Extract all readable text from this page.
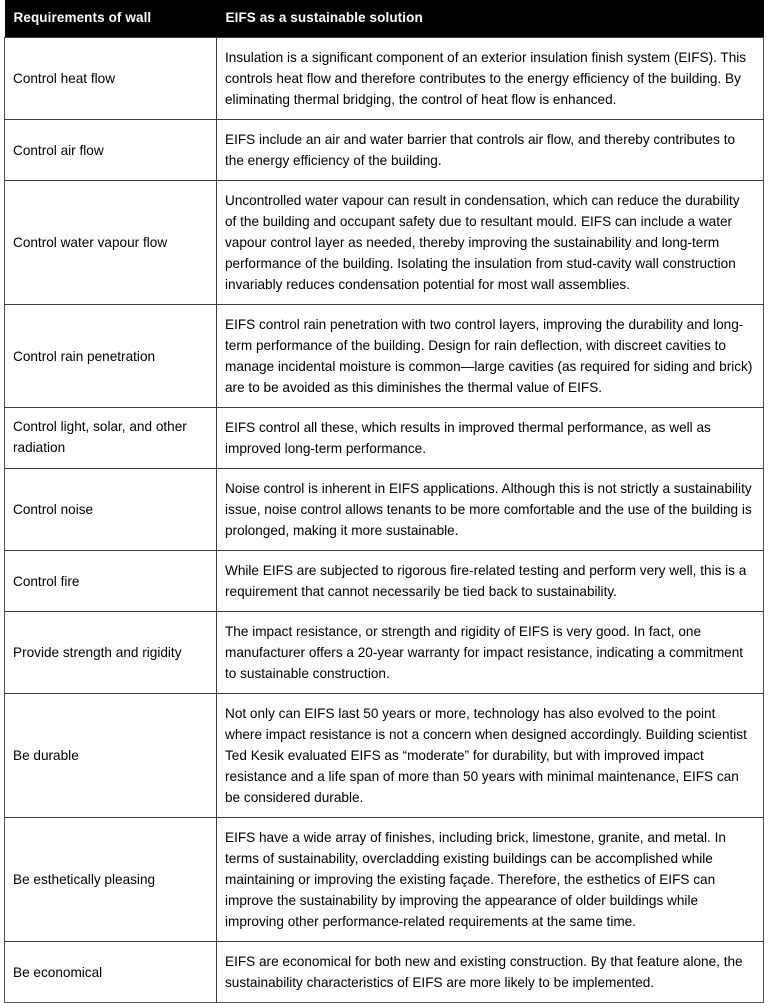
Requirements of wall	EIFS as a sustainable solution
Control heat flow	Insulation is a significant component of an exterior insulation finish system (EIFS). This controls heat flow and therefore contributes to the energy efficiency of the building. By eliminating thermal bridging, the control of heat flow is enhanced.
Control air flow	EIFS include an air and water barrier that controls air flow, and thereby contributes to the energy efficiency of the building.
Control water vapour flow	Uncontrolled water vapour can result in condensation, which can reduce the durability of the building and occupant safety due to resultant mould. EIFS can include a water vapour control layer as needed, thereby improving the sustainability and long-term performance of the building. Isolating the insulation from stud-cavity wall construction invariably reduces condensation potential for most wall assemblies.
Control rain penetration	EIFS control rain penetration with two control layers, improving the durability and long-term performance of the building. Design for rain deflection, with discreet cavities to manage incidental moisture is common—large cavities (as required for siding and brick) are to be avoided as this diminishes the thermal value of EIFS.
Control light, solar, and other radiation	EIFS control all these, which results in improved thermal performance, as well as improved long-term performance.
Control noise	Noise control is inherent in EIFS applications. Although this is not strictly a sustainability issue, noise control allows tenants to be more comfortable and the use of the building is prolonged, making it more sustainable.
Control fire	While EIFS are subjected to rigorous fire-related testing and perform very well, this is a requirement that cannot necessarily be tied back to sustainability.
Provide strength and rigidity	The impact resistance, or strength and rigidity of EIFS is very good. In fact, one manufacturer offers a 20-year warranty for impact resistance, indicating a commitment to sustainable construction.
Be durable	Not only can EIFS last 50 years or more, technology has also evolved to the point where impact resistance is not a concern when designed accordingly. Building scientist Ted Kesik evaluated EIFS as “moderate” for durability, but with improved impact resistance and a life span of more than 50 years with minimal maintenance, EIFS can be considered durable.
Be esthetically pleasing	EIFS have a wide array of finishes, including brick, limestone, granite, and metal. In terms of sustainability, overcladding existing buildings can be accomplished while maintaining or improving the existing façade. Therefore, the esthetics of EIFS can improve the sustainability by improving the appearance of older buildings while improving other performance-related requirements at the same time.
Be economical	EIFS are economical for both new and existing construction. By that feature alone, the sustainability characteristics of EIFS are more likely to be implemented.
